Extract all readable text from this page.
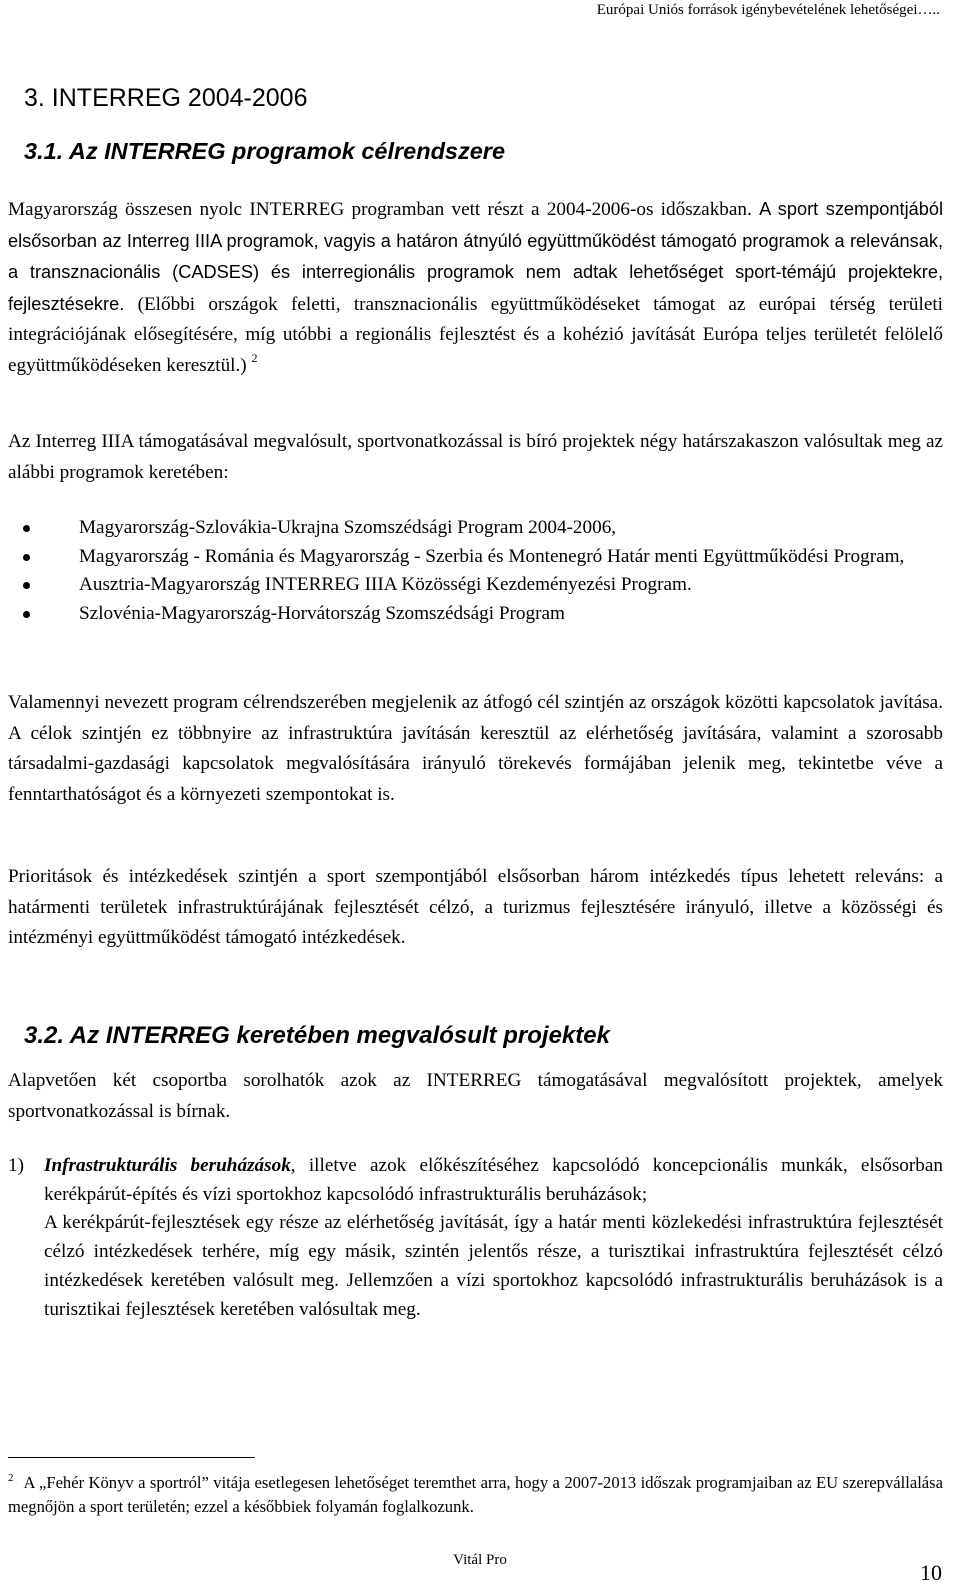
Európai Uniós források igénybevételének lehetőségei…..
3. INTERREG 2004-2006
3.1. Az INTERREG programok célrendszere

Magyarország összesen nyolc INTERREG programban vett részt a 2004-2006-os időszakban. A sport szempontjából elsősorban az Interreg IIIA programok, vagyis a határon átnyúló együttműködést támogató programok a relevánsak, a transznacionális (CADSES) és interregionális programok nem adtak lehetőséget sport-témájú projektekre, fejlesztésekre. (Előbbi országok feletti, transznacionális együttműködéseket támogat az európai térség területi integrációjának elősegítésére, míg utóbbi a regionális fejlesztést és a kohézió javítását Európa teljes területét felölelő együttműködéseken keresztül.) $^2$

Az Interreg IIIA támogatásával megvalósult, sportvonatkozással is bíró projektek négy határszakaszon valósultak meg az alábbi programok keretében:

Magyarország-Szlovákia-Ukrajna Szomszédsági Program 2004-2006,
Magyarország - Románia és Magyarország - Szerbia és Montenegró Határ menti Együttműködési Program,
Ausztria-Magyarország INTERREG IIIA Közösségi Kezdeményezési Program.
Szlovénia-Magyarország-Horvátország Szomszédsági Program

Valamennyi nevezett program célrendszerében megjelenik az átfogó cél szintjén az országok közötti kapcsolatok javítása. A célok szintjén ez többnyire az infrastruktúra javításán keresztül az elérhetőség javítására, valamint a szorosabb társadalmi-gazdasági kapcsolatok megvalósítására irányuló törekevés formájában jelenik meg, tekintetbe véve a fenntarthatóságot és a környezeti szempontokat is.

Prioritások és intézkedések szintjén a sport szempontjából elsősorban három intézkedés típus lehetett releváns: a határmenti területek infrastruktúrájának fejlesztését célzó, a turizmus fejlesztésére irányuló, illetve a közösségi és intézményi együttműködést támogató intézkedések.

3.2. Az INTERREG keretében megvalósult projektek

Alapvetően két csoportba sorolhatók azok az INTERREG támogatásával megvalósított projektek, amelyek sportvonatkozással is bírnak.

1) Infrastrukturális beruházások, illetve azok előkészítéséhez kapcsolódó koncepcionális munkák, elsősorban kerékpárút-építés és vízi sportokhoz kapcsolódó infrastrukturális beruházások;

A kerékpárút-fejlesztések egy része az elérhetőség javítását, így a határ menti közlekedési infrastruktúra fejlesztését célzó intézkedések terhére, míg egy másik, szintén jelentős része, a turisztikai infrastruktúra fejlesztését célzó intézkedések keretében valósult meg. Jellemzően a vízi sportokhoz kapcsolódó infrastrukturális beruházások is a turisztikai fejlesztések keretében valósultak meg.

$^2$ A „Fehér Könyv a sportról” vitája esetlegesen lehetőséget teremthet arra, hogy a 2007-2013 időszak programjaiban az EU szerepvállalása megnőjön a sport területén; ezzel a későbbiek folyamán foglalkozunk.

Vitál Pro	10
